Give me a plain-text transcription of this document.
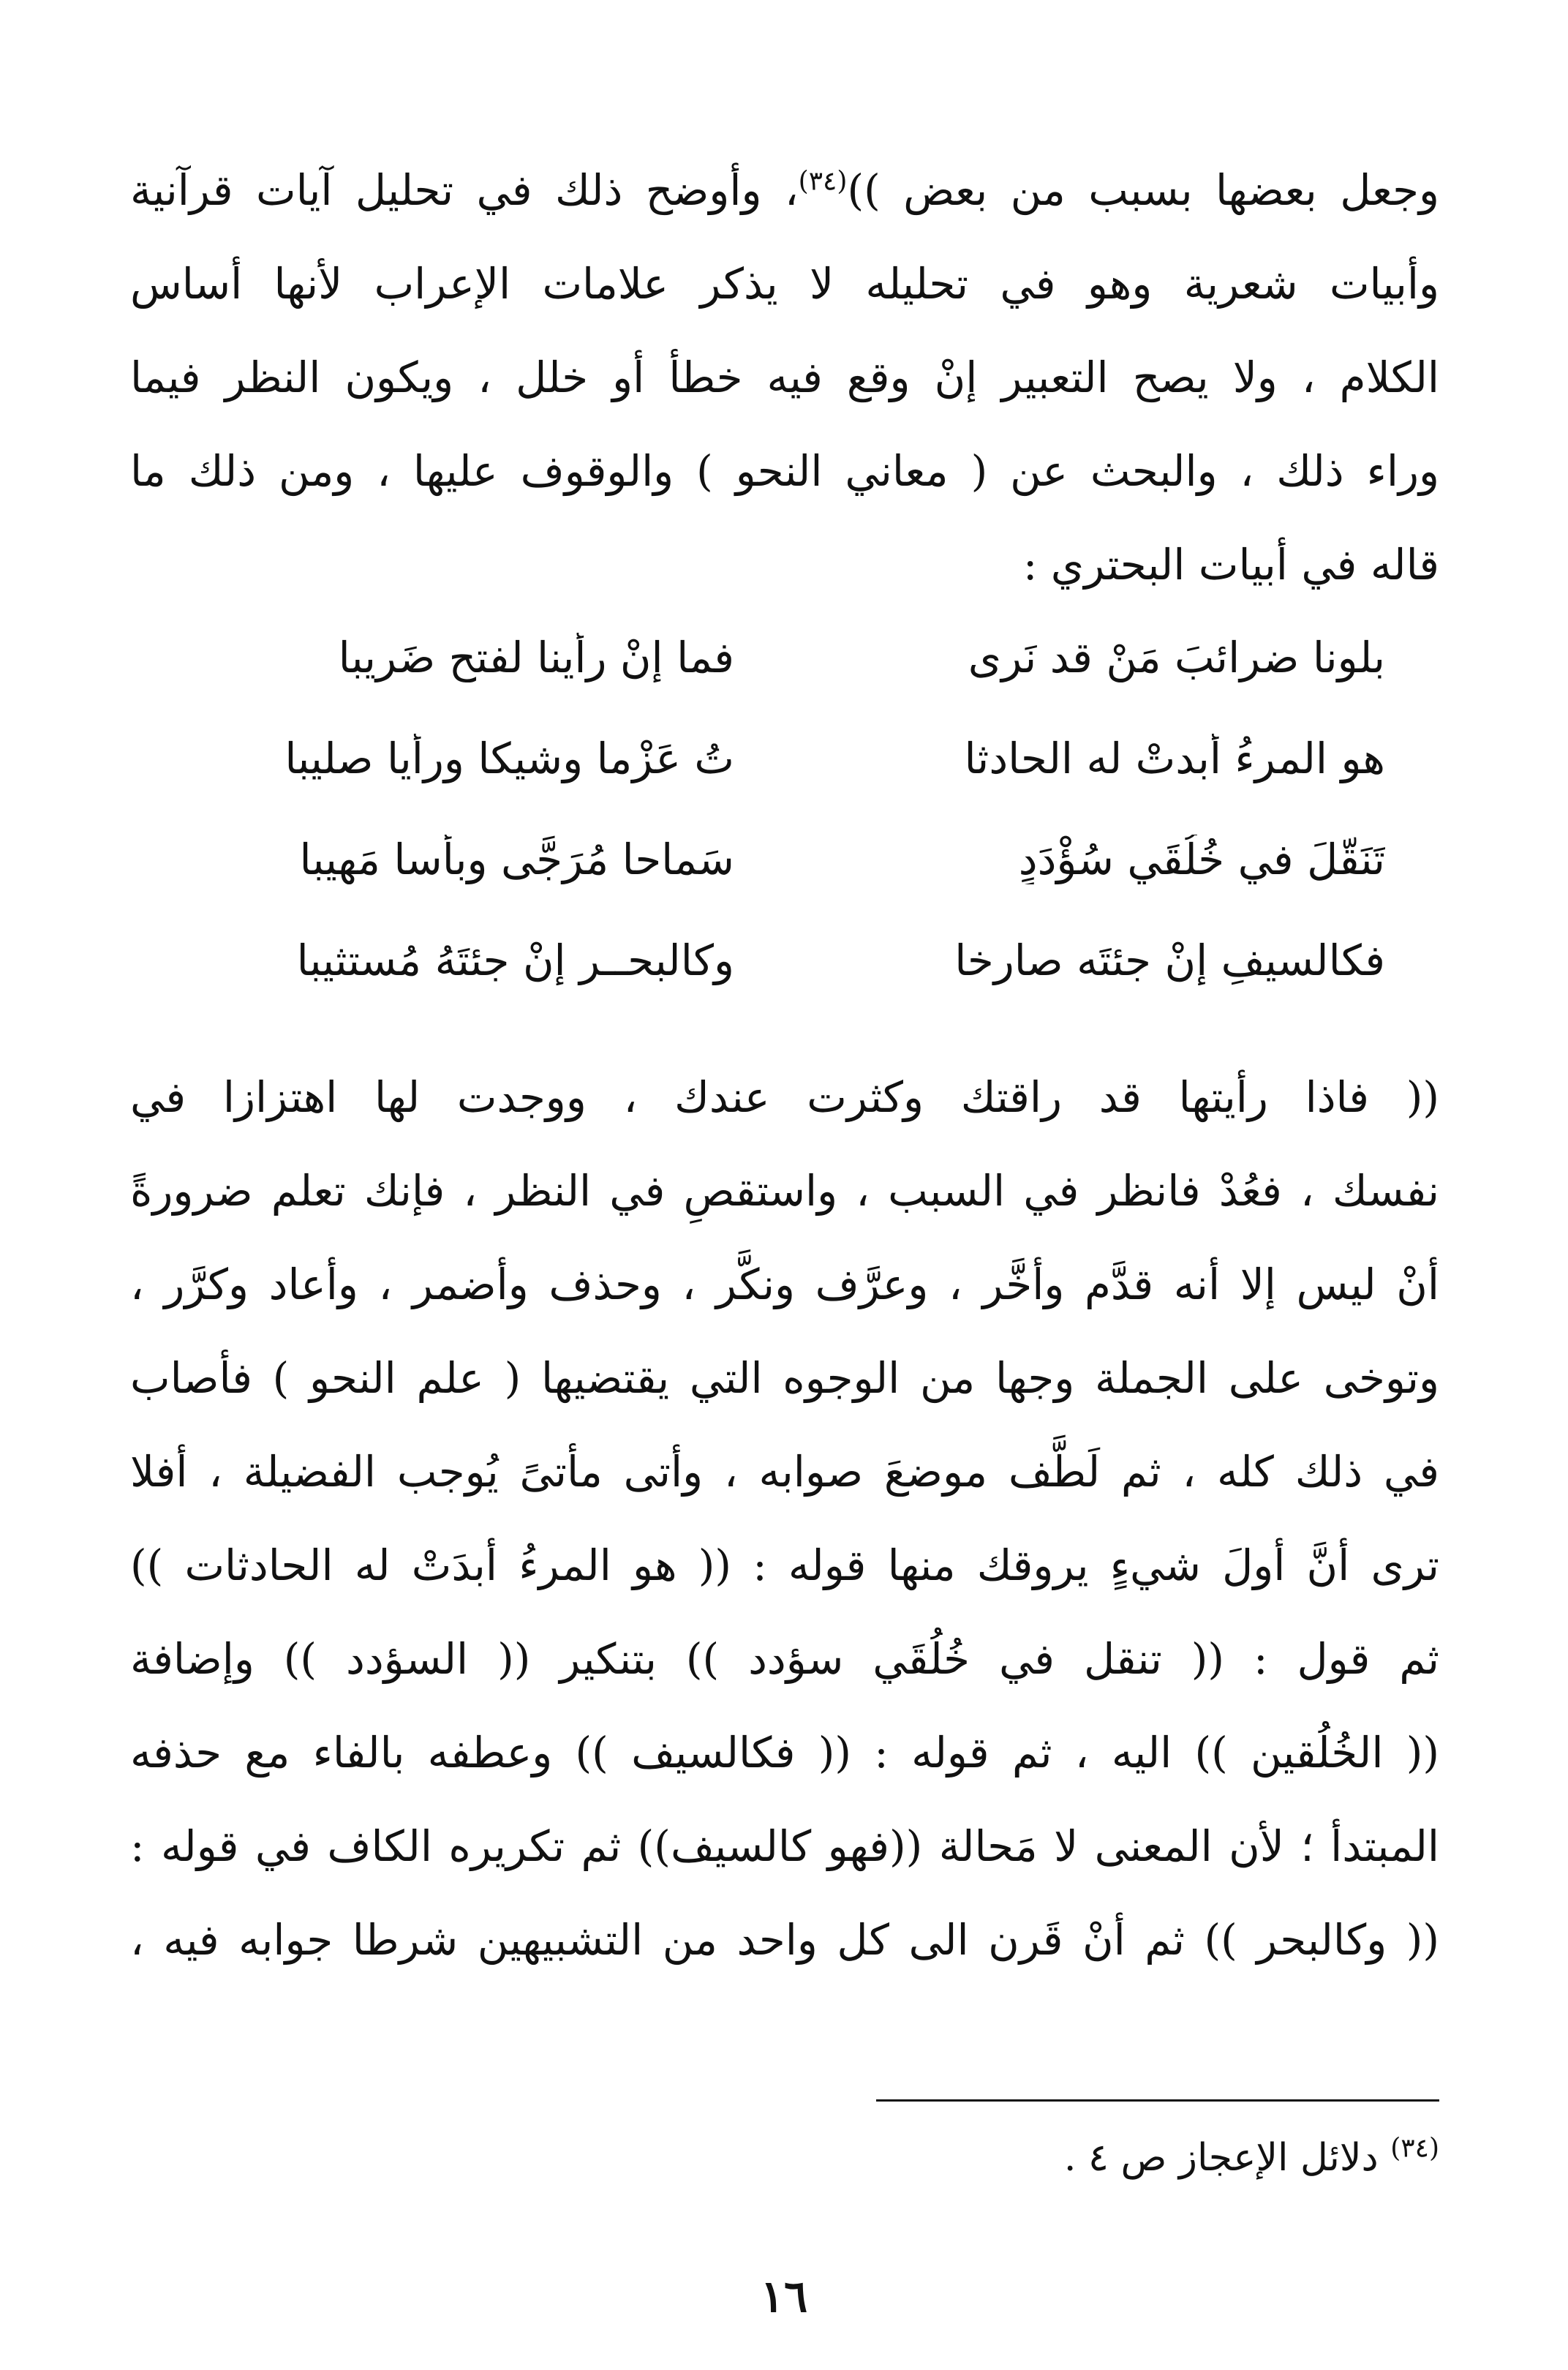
وجعل بعضها بسبب من بعض ))$^{(٣٤)}$، وأوضح ذلك في تحليل آيات قرآنية
وأبيات شعرية وهو في تحليله لا يذكر علامات الإعراب لأنها أساس
الكلام ، ولا يصح التعبير إنْ وقع فيه خطأ أو خلل ، ويكون النظر فيما
وراء ذلك ، والبحث عن ( معاني النحو ) والوقوف عليها ، ومن ذلك ما
قاله في أبيات البحتري :
بلونا ضرائبَ مَنْ قد نَرى
فما إنْ رأينا لفتح ضَريبا
هو المرءُ أَبدتْ له الحادثا
تُ عَزْما وشيكا ورأيا صليبا
تَنَقّلَ في خُلُقَي سُؤْدَدٍ
سَماحا مُرَجَّى وبأُسا مَهيبا
فكالسيفِ إنْ جئتَه صارِخا
وكالبحــرِ إنْ جئتَهُ مُستثيبا
(( فاذا رأيتها قد راقتك وكثرت عندك ، ووجدت لها اهتزازا في
نفسك ، فعُدْ فانظر في السبب ، واستقصِ في النظر ، فإنك تعلم ضرورةً
أنْ ليس إلا أنه قدَّم وأخَّر ، وعرَّف ونكَّر ، وحذف وأضمر ، وأعاد وكرَّر ،
وتوخى على الجملة وجها من الوجوه التي يقتضيها ( علم النحو ) فأصاب
في ذلك كله ، ثم لَطَّف موضعَ صوابه ، وأتى مأتىً يُوجب الفضيلة ، أفلا
ترى أنَّ أولَ شيءٍ يروقك منها قوله : (( هو المرءُ أبدَتْ له الحادثات ))
ثم قول : (( تنقل في خُلُقَي سؤدد )) بتنكير (( السؤدد )) وإضافة
(( الخُلُقين )) اليه ، ثم قوله : (( فكالسيف )) وعطفه بالفاء مع حذفه
المبتدأ ؛ لأن المعنى لا مَحالة ((فهو كالسيف)) ثم تكريره الكاف في قوله :
(( وكالبحر )) ثم أنْ قَرن الى كل واحد من التشبيهين شرطا جوابه فيه ،
$^{(٣٤)}$ دلائل الإعجاز ص ٤ .
١٦
